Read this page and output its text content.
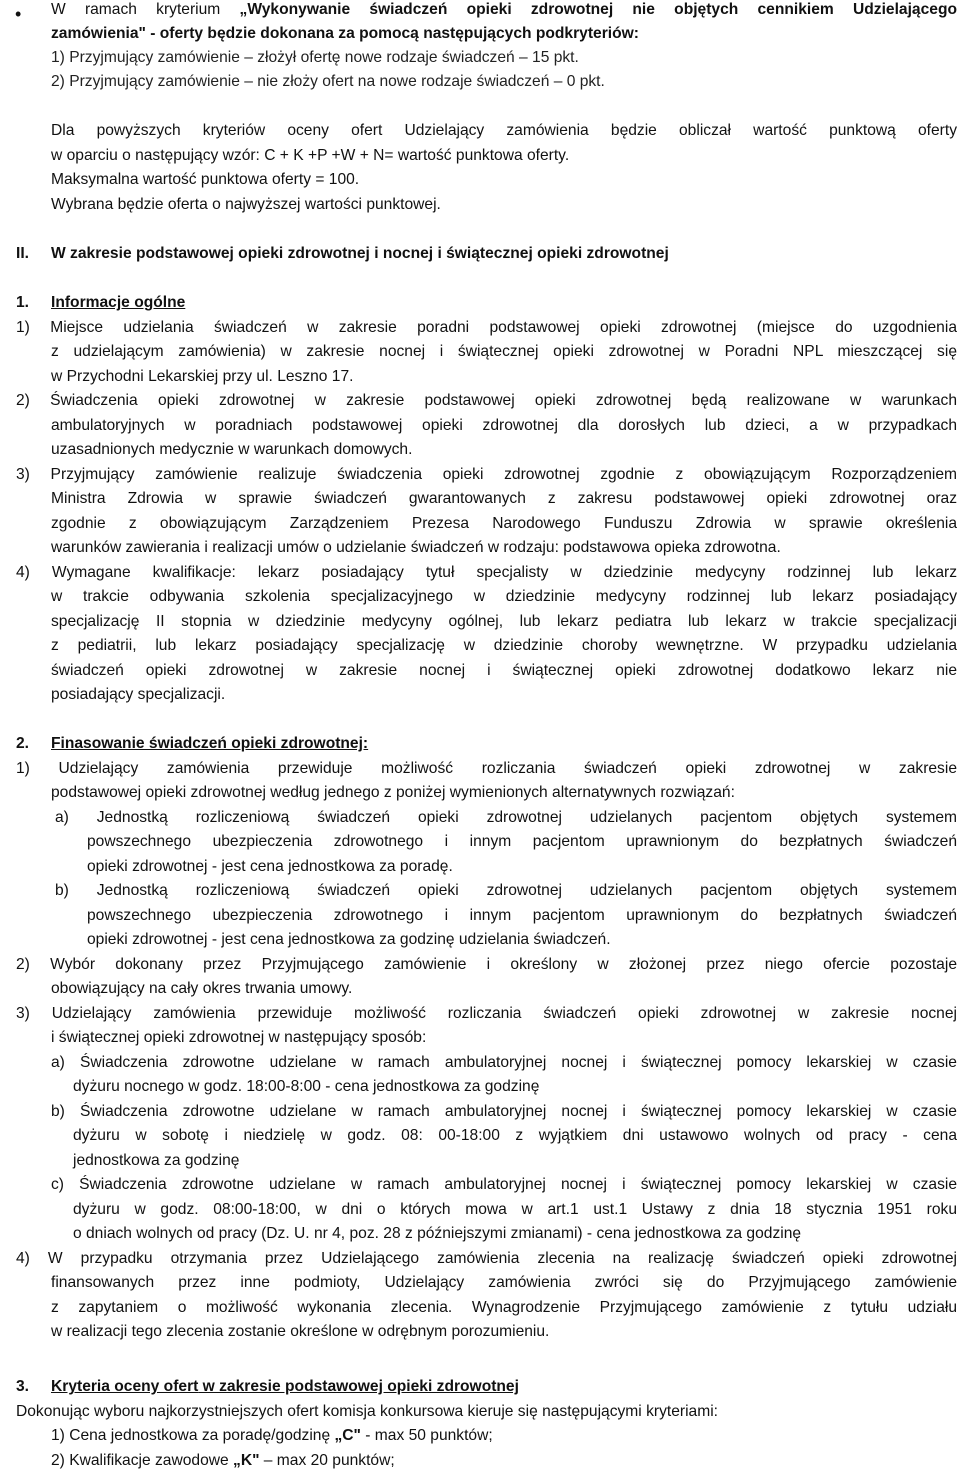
• W ramach kryterium „Wykonywanie świadczeń opieki zdrowotnej nie objętych cennikiem Udzielającego
zamówienia" - oferty będzie dokonana za pomocą następujących podkryteriów:
1) Przyjmujący zamówienie – złożył ofertę nowe rodzaje świadczeń – 15 pkt.
2) Przyjmujący zamówienie – nie złoży ofert na nowe rodzaje świadczeń – 0 pkt.
Dla powyższych kryteriów oceny ofert Udzielający zamówienia będzie obliczał wartość punktową oferty
w oparciu o następujący wzór: C + K +P +W + N= wartość punktowa oferty.
Maksymalna wartość punktowa oferty = 100.
Wybrana będzie oferta o najwyższej wartości punktowej.
II. W zakresie podstawowej opieki zdrowotnej i nocnej i świątecznej opieki zdrowotnej
1. Informacje ogólne
1) Miejsce udzielania świadczeń w zakresie poradni podstawowej opieki zdrowotnej (miejsce do uzgodnienia
z udzielającym zamówienia) w zakresie nocnej i świątecznej opieki zdrowotnej w Poradni NPL mieszczącej się
w Przychodni Lekarskiej przy ul. Leszno 17.
2) Świadczenia opieki zdrowotnej w zakresie podstawowej opieki zdrowotnej będą realizowane w warunkach
ambulatoryjnych w poradniach podstawowej opieki zdrowotnej dla dorosłych lub dzieci, a w przypadkach
uzasadnionych medycznie w warunkach domowych.
3) Przyjmujący zamówienie realizuje świadczenia opieki zdrowotnej zgodnie z obowiązującym Rozporządzeniem
Ministra Zdrowia w sprawie świadczeń gwarantowanych z zakresu podstawowej opieki zdrowotnej oraz
zgodnie z obowiązującym Zarządzeniem Prezesa Narodowego Funduszu Zdrowia w sprawie określenia
warunków zawierania i realizacji umów o udzielanie świadczeń w rodzaju: podstawowa opieka zdrowotna.
4) Wymagane kwalifikacje: lekarz posiadający tytuł specjalisty w dziedzinie medycyny rodzinnej lub lekarz
w trakcie odbywania szkolenia specjalizacyjnego w dziedzinie medycyny rodzinnej lub lekarz posiadający
specjalizację II stopnia w dziedzinie medycyny ogólnej, lub lekarz pediatra lub lekarz w trakcie specjalizacji
z pediatrii, lub lekarz posiadający specjalizację w dziedzinie choroby wewnętrzne. W przypadku udzielania
świadczeń opieki zdrowotnej w zakresie nocnej i świątecznej opieki zdrowotnej dodatkowo lekarz nie
posiadający specjalizacji.
2. Finasowanie świadczeń opieki zdrowotnej:
1) Udzielający zamówienia przewiduje możliwość rozliczania świadczeń opieki zdrowotnej w zakresie
podstawowej opieki zdrowotnej według jednego z poniżej wymienionych alternatywnych rozwiązań:
a) Jednostką rozliczeniową świadczeń opieki zdrowotnej udzielanych pacjentom objętych systemem
powszechnego ubezpieczenia zdrowotnego i innym pacjentom uprawnionym do bezpłatnych świadczeń
opieki zdrowotnej - jest cena jednostkowa za poradę.
b) Jednostką rozliczeniową świadczeń opieki zdrowotnej udzielanych pacjentom objętych systemem
powszechnego ubezpieczenia zdrowotnego i innym pacjentom uprawnionym do bezpłatnych świadczeń
opieki zdrowotnej - jest cena jednostkowa za godzinę udzielania świadczeń.
2) Wybór dokonany przez Przyjmującego zamówienie i określony w złożonej przez niego ofercie pozostaje
obowiązujący na cały okres trwania umowy.
3) Udzielający zamówienia przewiduje możliwość rozliczania świadczeń opieki zdrowotnej w zakresie nocnej
i świątecznej opieki zdrowotnej w następujący sposób:
a) Świadczenia zdrowotne udzielane w ramach ambulatoryjnej nocnej i świątecznej pomocy lekarskiej w czasie
dyżuru nocnego w godz. 18:00-8:00 - cena jednostkowa za godzinę
b) Świadczenia zdrowotne udzielane w ramach ambulatoryjnej nocnej i świątecznej pomocy lekarskiej w czasie
dyżuru w sobotę i niedzielę w godz. 08: 00-18:00 z wyjątkiem dni ustawowo wolnych od pracy - cena
jednostkowa za godzinę
c) Świadczenia zdrowotne udzielane w ramach ambulatoryjnej nocnej i świątecznej pomocy lekarskiej w czasie
dyżuru w godz. 08:00-18:00, w dni o których mowa w art.1 ust.1 Ustawy z dnia 18 stycznia 1951 roku
o dniach wolnych od pracy (Dz. U. nr 4, poz. 28 z późniejszymi zmianami) - cena jednostkowa za godzinę
4) W przypadku otrzymania przez Udzielającego zamówienia zlecenia na realizację świadczeń opieki zdrowotnej
finansowanych przez inne podmioty, Udzielający zamówienia zwróci się do Przyjmującego zamówienie
z zapytaniem o możliwość wykonania zlecenia. Wynagrodzenie Przyjmującego zamówienie z tytułu udziału
w realizacji tego zlecenia zostanie określone w odrębnym porozumieniu.
3. Kryteria oceny ofert w zakresie podstawowej opieki zdrowotnej
Dokonując wyboru najkorzystniejszych ofert komisja konkursowa kieruje się następującymi kryteriami:
1) Cena jednostkowa za poradę/godzinę „C" - max 50 punktów;
2) Kwalifikacje zawodowe „K" – max 20 punktów;
